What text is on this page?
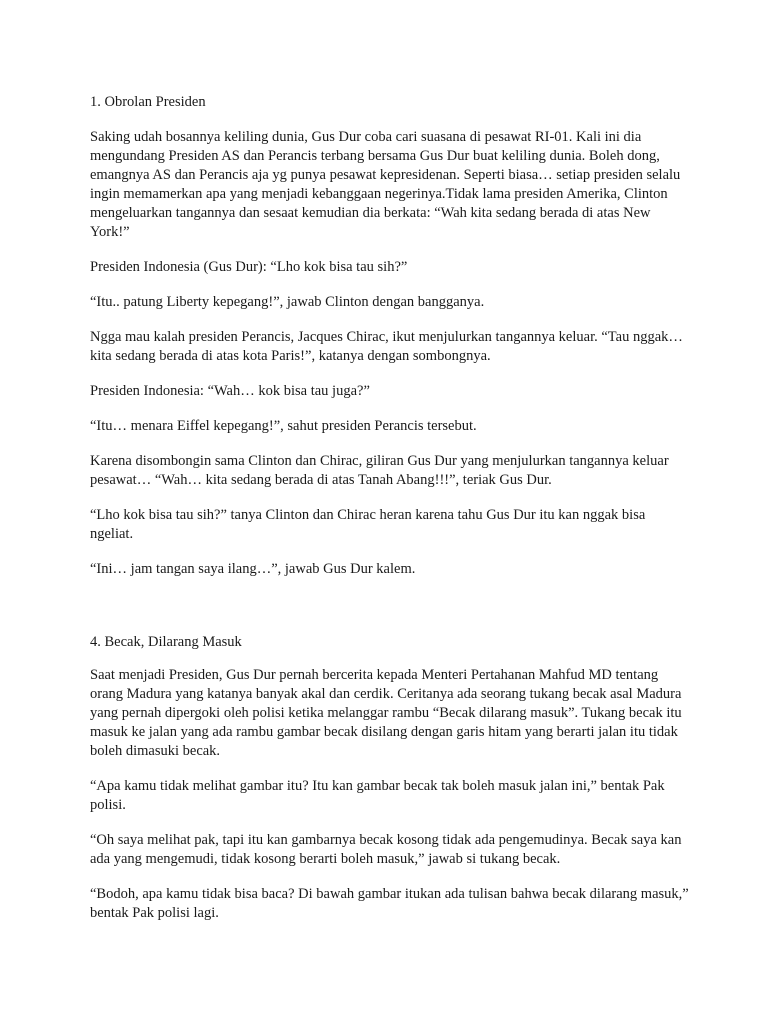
1. Obrolan Presiden

Saking udah bosannya keliling dunia, Gus Dur coba cari suasana di pesawat RI-01. Kali ini dia mengundang Presiden AS dan Perancis terbang bersama Gus Dur buat keliling dunia. Boleh dong, emangnya AS dan Perancis aja yg punya pesawat kepresidenan. Seperti biasa… setiap presiden selalu ingin memamerkan apa yang menjadi kebanggaan negerinya.Tidak lama presiden Amerika, Clinton mengeluarkan tangannya dan sesaat kemudian dia berkata: “Wah kita sedang berada di atas New York!”

Presiden Indonesia (Gus Dur): “Lho kok bisa tau sih?”

“Itu.. patung Liberty kepegang!”, jawab Clinton dengan bangganya.

Ngga mau kalah presiden Perancis, Jacques Chirac, ikut menjulurkan tangannya keluar. “Tau nggak… kita sedang berada di atas kota Paris!”, katanya dengan sombongnya.

Presiden Indonesia: “Wah… kok bisa tau juga?”

“Itu… menara Eiffel kepegang!”, sahut presiden Perancis tersebut.

Karena disombongin sama Clinton dan Chirac, giliran Gus Dur yang menjulurkan tangannya keluar pesawat… “Wah… kita sedang berada di atas Tanah Abang!!!”, teriak Gus Dur.

“Lho kok bisa tau sih?” tanya Clinton dan Chirac heran karena tahu Gus Dur itu kan nggak bisa ngeliat.

“Ini… jam tangan saya ilang…”, jawab Gus Dur kalem.

4. Becak, Dilarang Masuk

Saat menjadi Presiden, Gus Dur pernah bercerita kepada Menteri Pertahanan Mahfud MD tentang orang Madura yang katanya banyak akal dan cerdik. Ceritanya ada seorang tukang becak asal Madura yang pernah dipergoki oleh polisi ketika melanggar rambu “Becak dilarang masuk”. Tukang becak itu masuk ke jalan yang ada rambu gambar becak disilang dengan garis hitam yang berarti jalan itu tidak boleh dimasuki becak.

“Apa kamu tidak melihat gambar itu? Itu kan gambar becak tak boleh masuk jalan ini,” bentak Pak polisi.

“Oh saya melihat pak, tapi itu kan gambarnya becak kosong tidak ada pengemudinya. Becak saya kan ada yang mengemudi, tidak kosong berarti boleh masuk,” jawab si tukang becak.

“Bodoh, apa kamu tidak bisa baca? Di bawah gambar itukan ada tulisan bahwa becak dilarang masuk,” bentak Pak polisi lagi.
